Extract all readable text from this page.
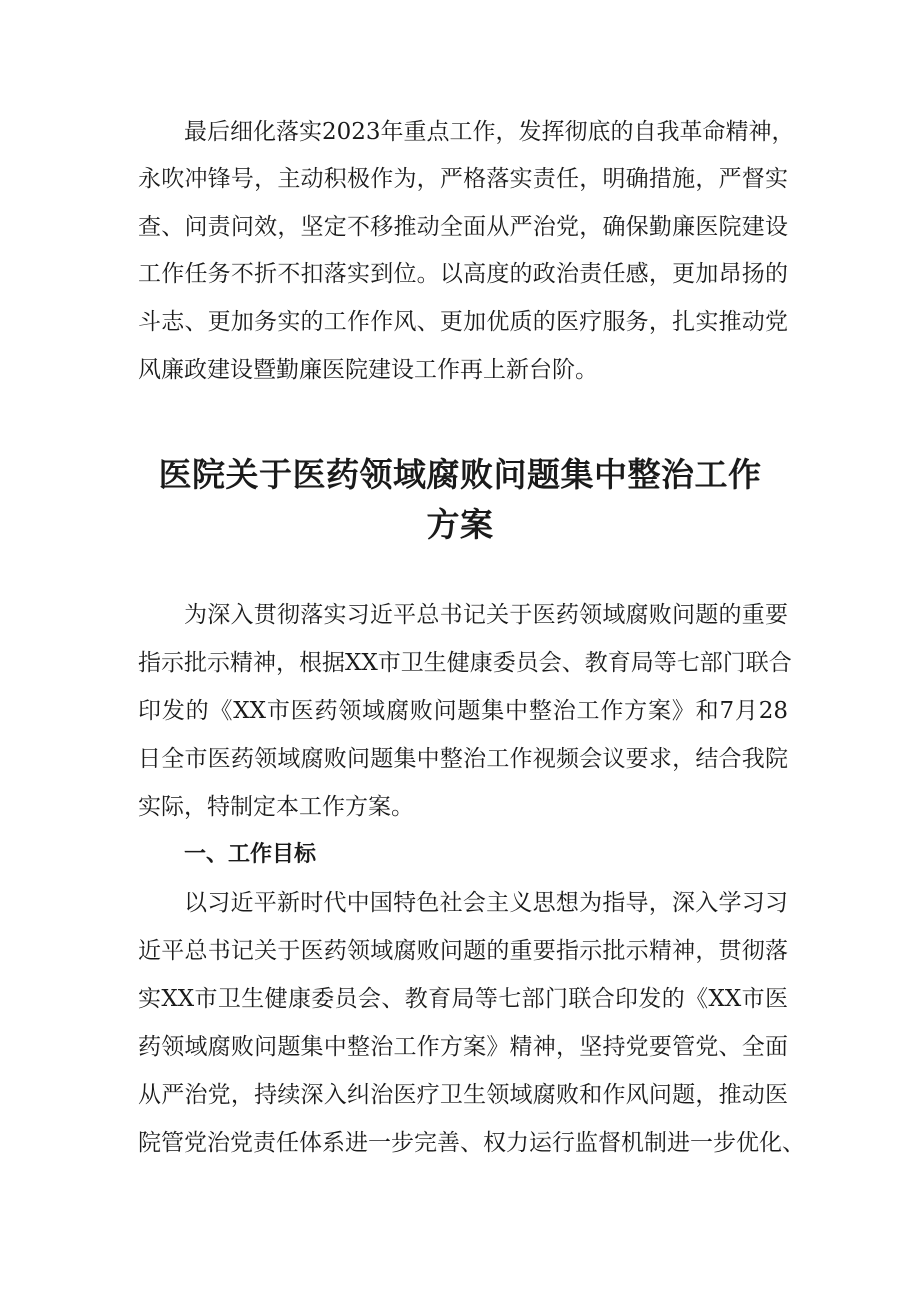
最后细化落实2023年重点工作，发挥彻底的自我革命精神，

永吹冲锋号，主动积极作为，严格落实责任，明确措施，严督实

查、问责问效，坚定不移推动全面从严治党，确保勤廉医院建设

工作任务不折不扣落实到位。以高度的政治责任感，更加昂扬的

斗志、更加务实的工作作风、更加优质的医疗服务，扎实推动党

风廉政建设暨勤廉医院建设工作再上新台阶。

医院关于医药领域腐败问题集中整治工作
方案

为深入贯彻落实习近平总书记关于医药领域腐败问题的重要

指示批示精神，根据XX市卫生健康委员会、教育局等七部门联合

印发的《XX市医药领域腐败问题集中整治工作方案》和7月28

日全市医药领域腐败问题集中整治工作视频会议要求，结合我院

实际，特制定本工作方案。

一、工作目标

以习近平新时代中国特色社会主义思想为指导，深入学习习

近平总书记关于医药领域腐败问题的重要指示批示精神，贯彻落

实XX市卫生健康委员会、教育局等七部门联合印发的《XX市医

药领域腐败问题集中整治工作方案》精神，坚持党要管党、全面

从严治党，持续深入纠治医疗卫生领域腐败和作风问题，推动医

院管党治党责任体系进一步完善、权力运行监督机制进一步优化、
